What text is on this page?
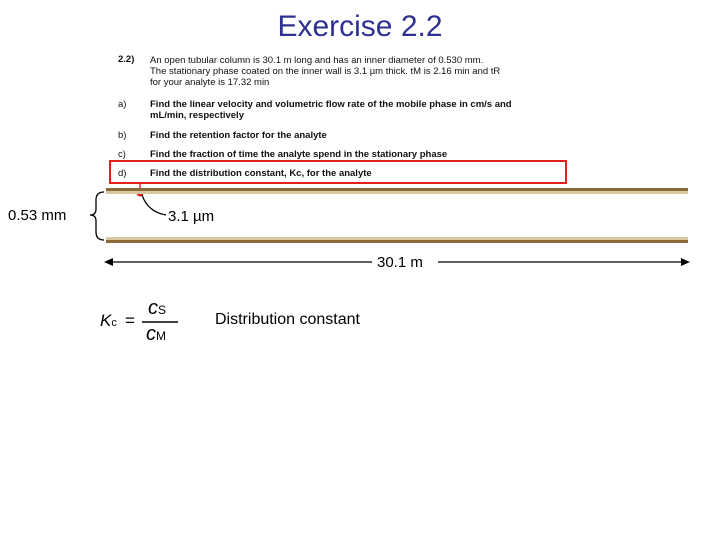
Exercise 2.2
2.2) An open tubular column is 30.1 m long and has an inner diameter of 0.530 mm.
The stationary phase coated on the inner wall is 3.1 µm thick. tM is 2.16 min and tR
for your analyte is 17.32 min
a) Find the linear velocity and volumetric flow rate of the mobile phase in cm/s and
mL/min, respectively
b) Find the retention factor for the analyte
c)	Find the fraction of time the analyte spend in the stationary phase
d) Find the distribution constant, Kc, for the analyte
0.53 mm	3.1 µm
30.1 m
Kc =
cS
cM
Distribution constant
